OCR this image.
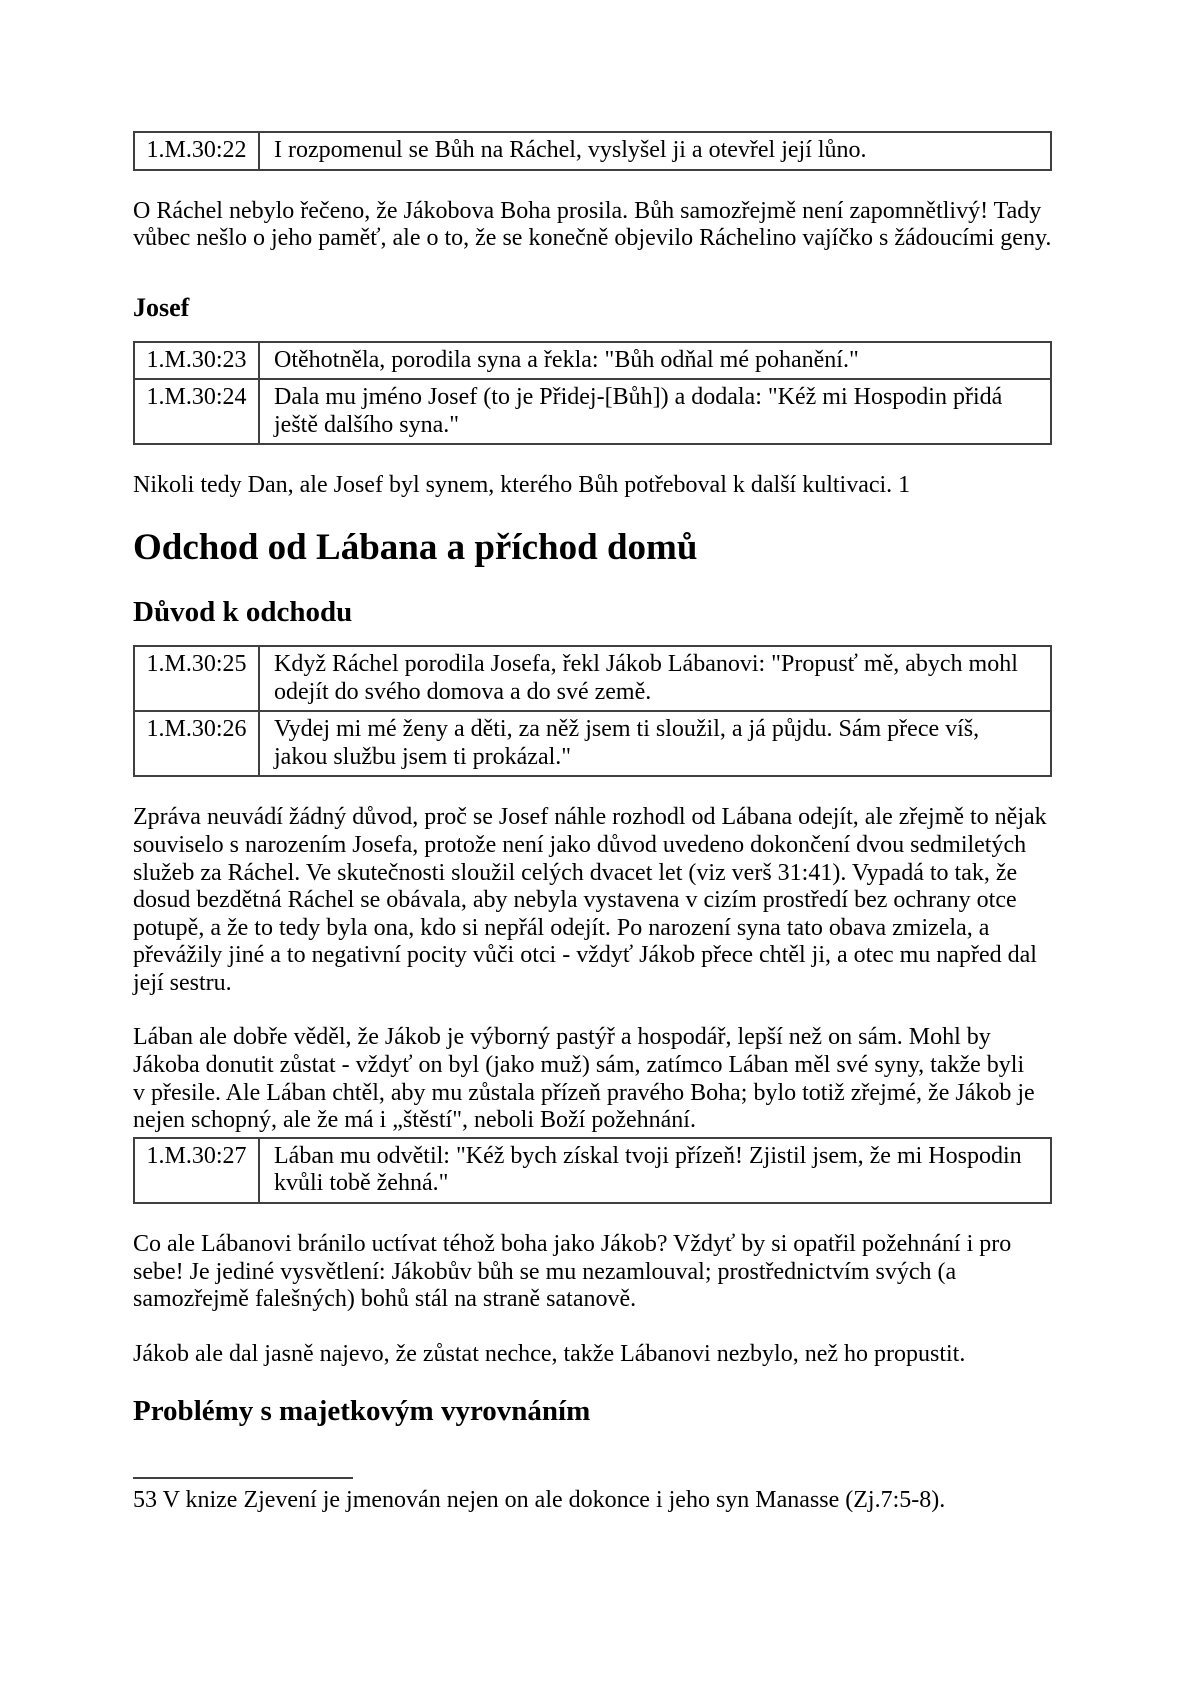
1.M.30:22	I rozpomenul se Bůh na Ráchel, vyslyšel ji a otevřel její lůno.

O Ráchel nebylo řečeno, že Jákobova Boha prosila. Bůh samozřejmě není zapomnětlivý! Tady vůbec nešlo o jeho paměť, ale o to, že se konečně objevilo Ráchelino vajíčko s žádoucími geny.

Josef
1.M.30:23	Otěhotněla, porodila syna a řekla: "Bůh odňal mé pohanění."
1.M.30:24	Dala mu jméno Josef (to je Přidej-[Bůh]) a dodala: "Kéž mi Hospodin přidá ještě dalšího syna."

Nikoli tedy Dan, ale Josef byl synem, kterého Bůh potřeboval k další kultivaci. 1

Odchod od Lábana a příchod domů
Důvod k odchodu
1.M.30:25	Když Ráchel porodila Josefa, řekl Jákob Lábanovi: "Propusť mě, abych mohl odejít do svého domova a do své země.
1.M.30:26	Vydej mi mé ženy a děti, za něž jsem ti sloužil, a já půjdu. Sám přece víš, jakou službu jsem ti prokázal."

Zpráva neuvádí žádný důvod, proč se Josef náhle rozhodl od Lábana odejít, ale zřejmě to nějak souviselo s narozením Josefa, protože není jako důvod uvedeno dokončení dvou sedmiletých služeb za Ráchel. Ve skutečnosti sloužil celých dvacet let (viz verš 31:41). Vypadá to tak, že dosud bezdětná Ráchel se obávala, aby nebyla vystavena v cizím prostředí bez ochrany otce potupě, a že to tedy byla ona, kdo si nepřál odejít. Po narození syna tato obava zmizela, a převážily jiné a to negativní pocity vůči otci - vždyť Jákob přece chtěl ji, a otec mu napřed dal její sestru.

Lában ale dobře věděl, že Jákob je výborný pastýř a hospodář, lepší než on sám. Mohl by Jákoba donutit zůstat - vždyť on byl (jako muž) sám, zatímco Lában měl své syny, takže byli v přesile. Ale Lában chtěl, aby mu zůstala přízeň pravého Boha; bylo totiž zřejmé, že Jákob je nejen schopný, ale že má i „štěstí", neboli Boží požehnání.

1.M.30:27	Lában mu odvětil: "Kéž bych získal tvoji přízeň! Zjistil jsem, že mi Hospodin kvůli tobě žehná."

Co ale Lábanovi bránilo uctívat téhož boha jako Jákob? Vždyť by si opatřil požehnání i pro sebe! Je jediné vysvětlení: Jákobův bůh se mu nezamlouval; prostřednictvím svých (a samozřejmě falešných) bohů stál na straně satanově.

Jákob ale dal jasně najevo, že zůstat nechce, takže Lábanovi nezbylo, než ho propustit.

Problémy s majetkovým vyrovnáním

53 V knize Zjevení je jmenován nejen on ale dokonce i jeho syn Manasse (Zj.7:5-8).
